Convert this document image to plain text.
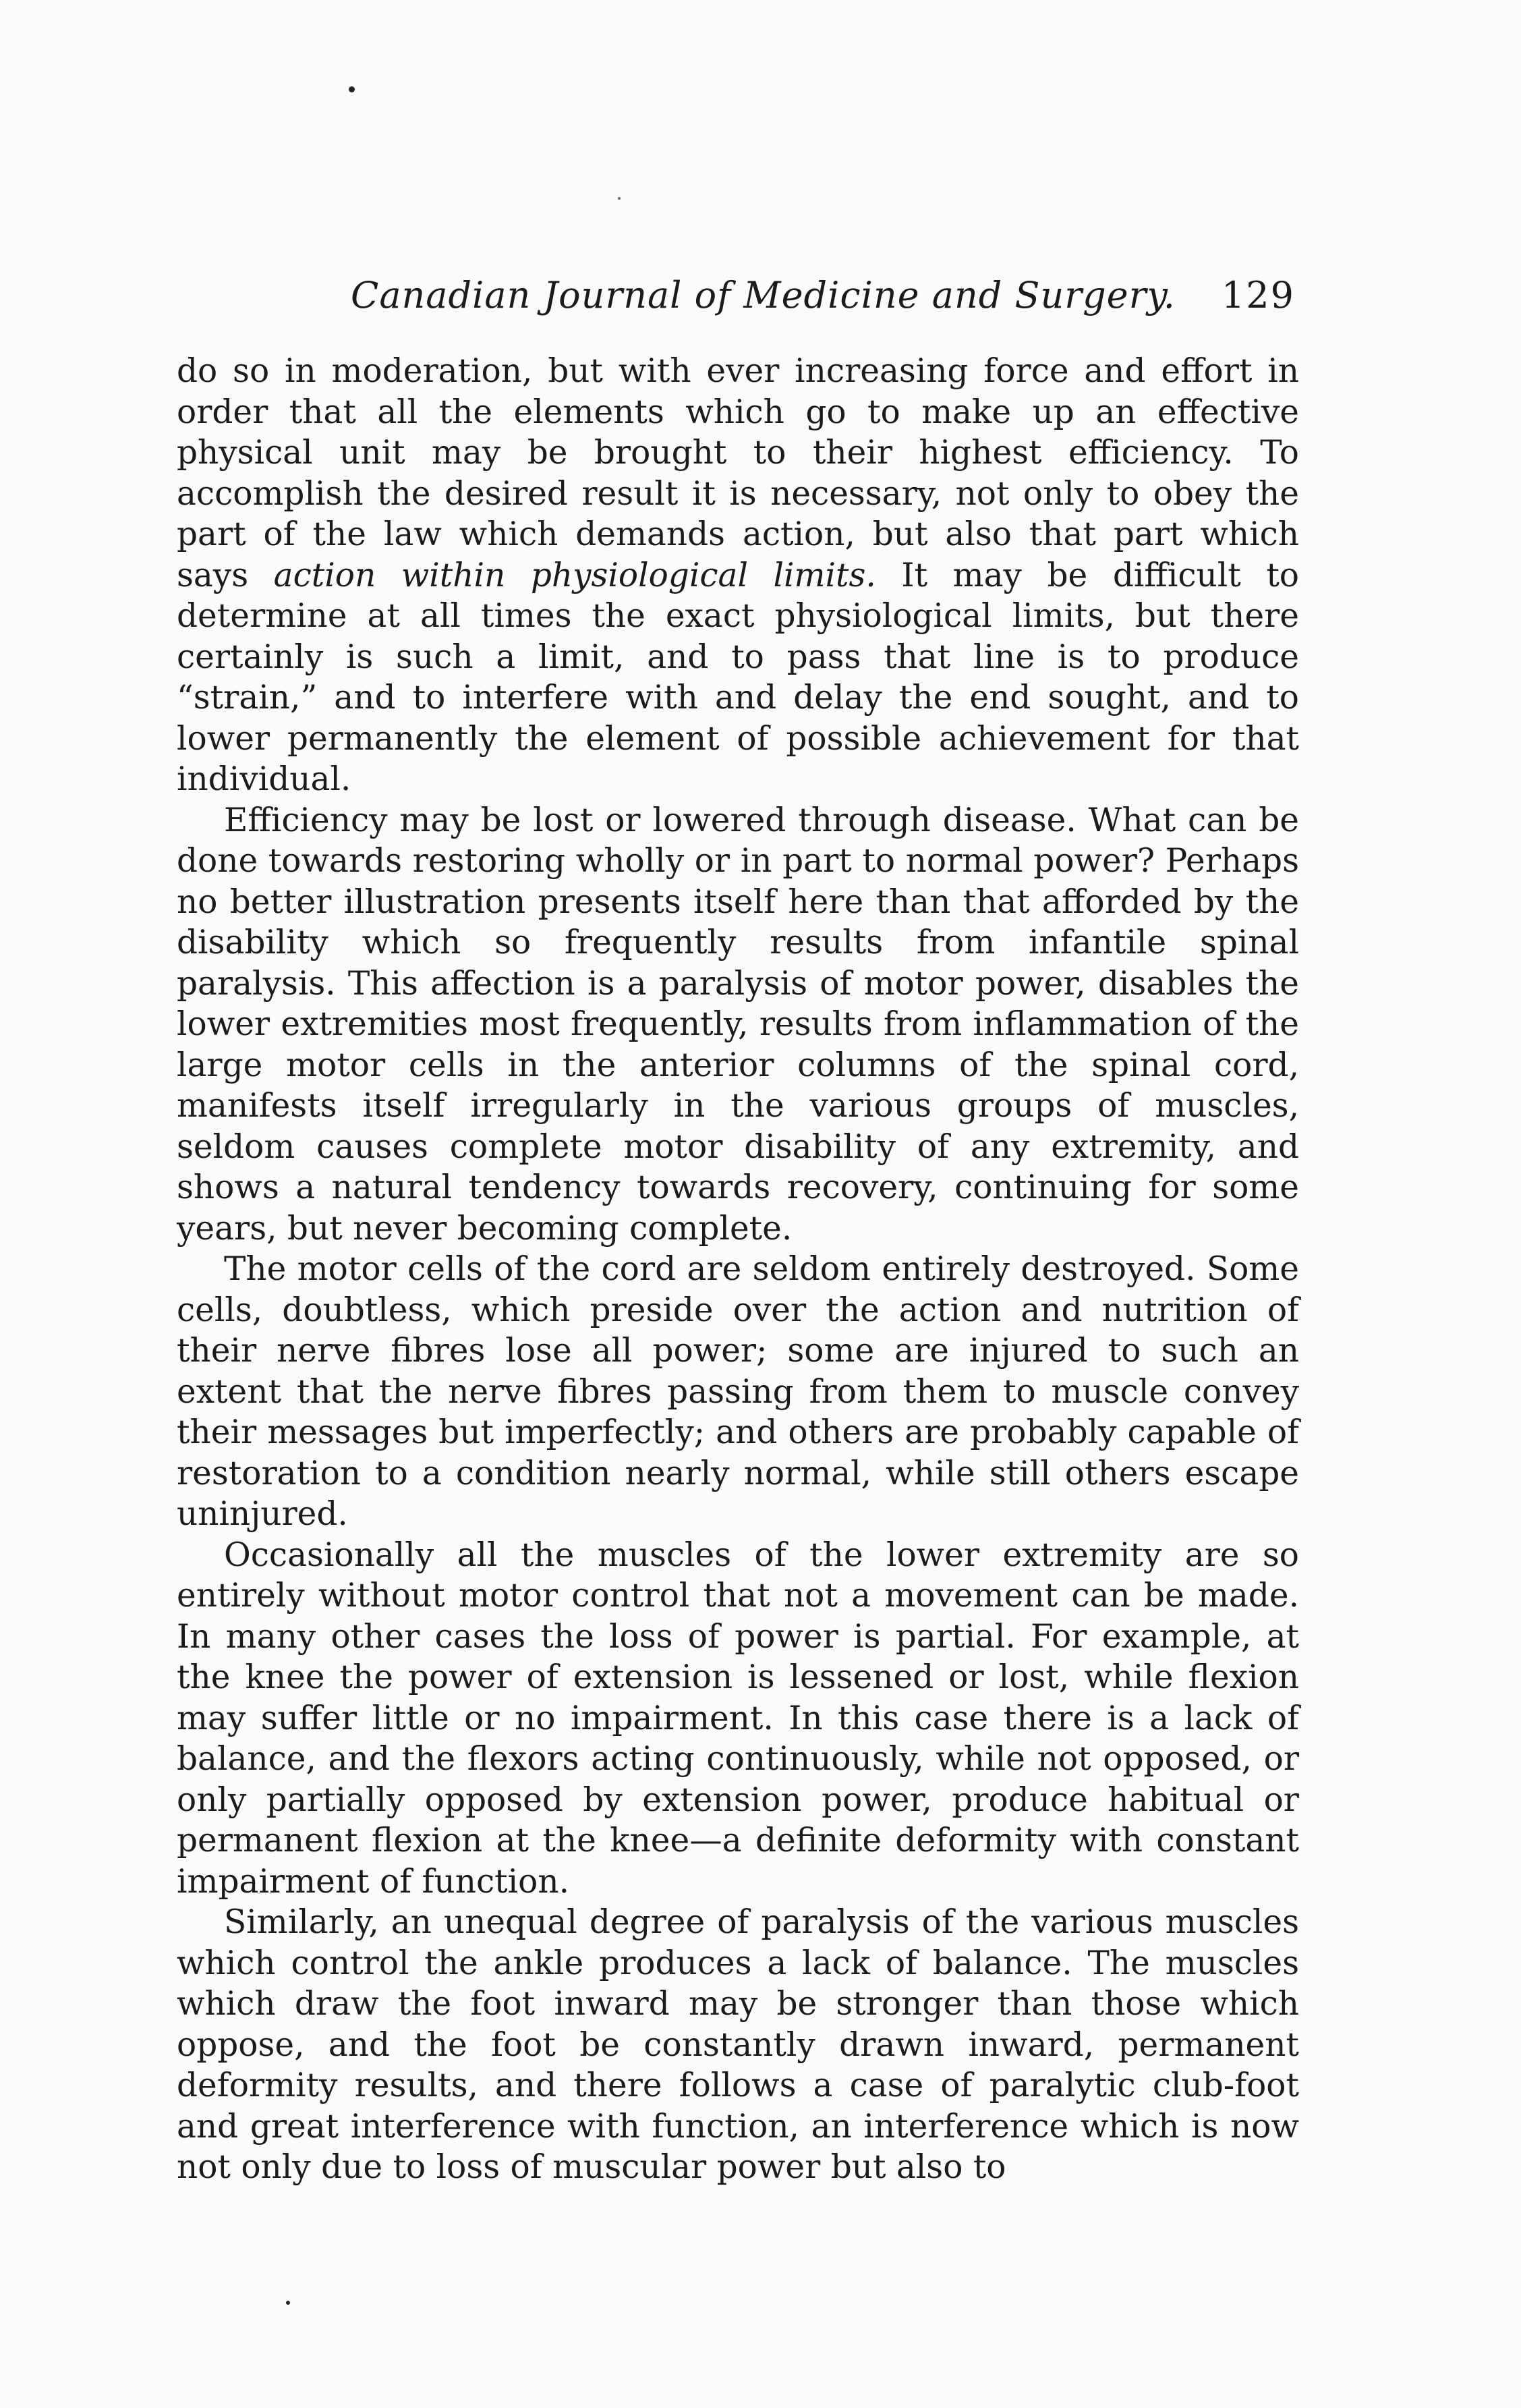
Canadian Journal of Medicine and Surgery. 129

do so in moderation, but with ever increasing force and effort in order that all the elements which go to make up an effective physical unit may be brought to their highest efficiency. To accomplish the desired result it is necessary, not only to obey the part of the law which demands action, but also that part which says action within physiological limits. It may be difficult to determine at all times the exact physiological limits, but there certainly is such a limit, and to pass that line is to produce “strain,” and to interfere with and delay the end sought, and to lower permanently the element of possible achievement for that individual.

Efficiency may be lost or lowered through disease. What can be done towards restoring wholly or in part to normal power? Perhaps no better illustration presents itself here than that afforded by the disability which so frequently results from infantile spinal paralysis. This affection is a paralysis of motor power, disables the lower extremities most frequently, results from inflammation of the large motor cells in the anterior columns of the spinal cord, manifests itself irregularly in the various groups of muscles, seldom causes complete motor disability of any extremity, and shows a natural tendency towards recovery, continuing for some years, but never becoming complete.

The motor cells of the cord are seldom entirely destroyed. Some cells, doubtless, which preside over the action and nutrition of their nerve fibres lose all power; some are injured to such an extent that the nerve fibres passing from them to muscle convey their messages but imperfectly; and others are probably capable of restoration to a condition nearly normal, while still others escape uninjured.

Occasionally all the muscles of the lower extremity are so entirely without motor control that not a movement can be made. In many other cases the loss of power is partial. For example, at the knee the power of extension is lessened or lost, while flexion may suffer little or no impairment. In this case there is a lack of balance, and the flexors acting continuously, while not opposed, or only partially opposed by extension power, produce habitual or permanent flexion at the knee—a definite deformity with constant impairment of function.

Similarly, an unequal degree of paralysis of the various muscles which control the ankle produces a lack of balance. The muscles which draw the foot inward may be stronger than those which oppose, and the foot be constantly drawn inward, permanent deformity results, and there follows a case of paralytic club-foot and great interference with function, an interference which is now not only due to loss of muscular power but also to
